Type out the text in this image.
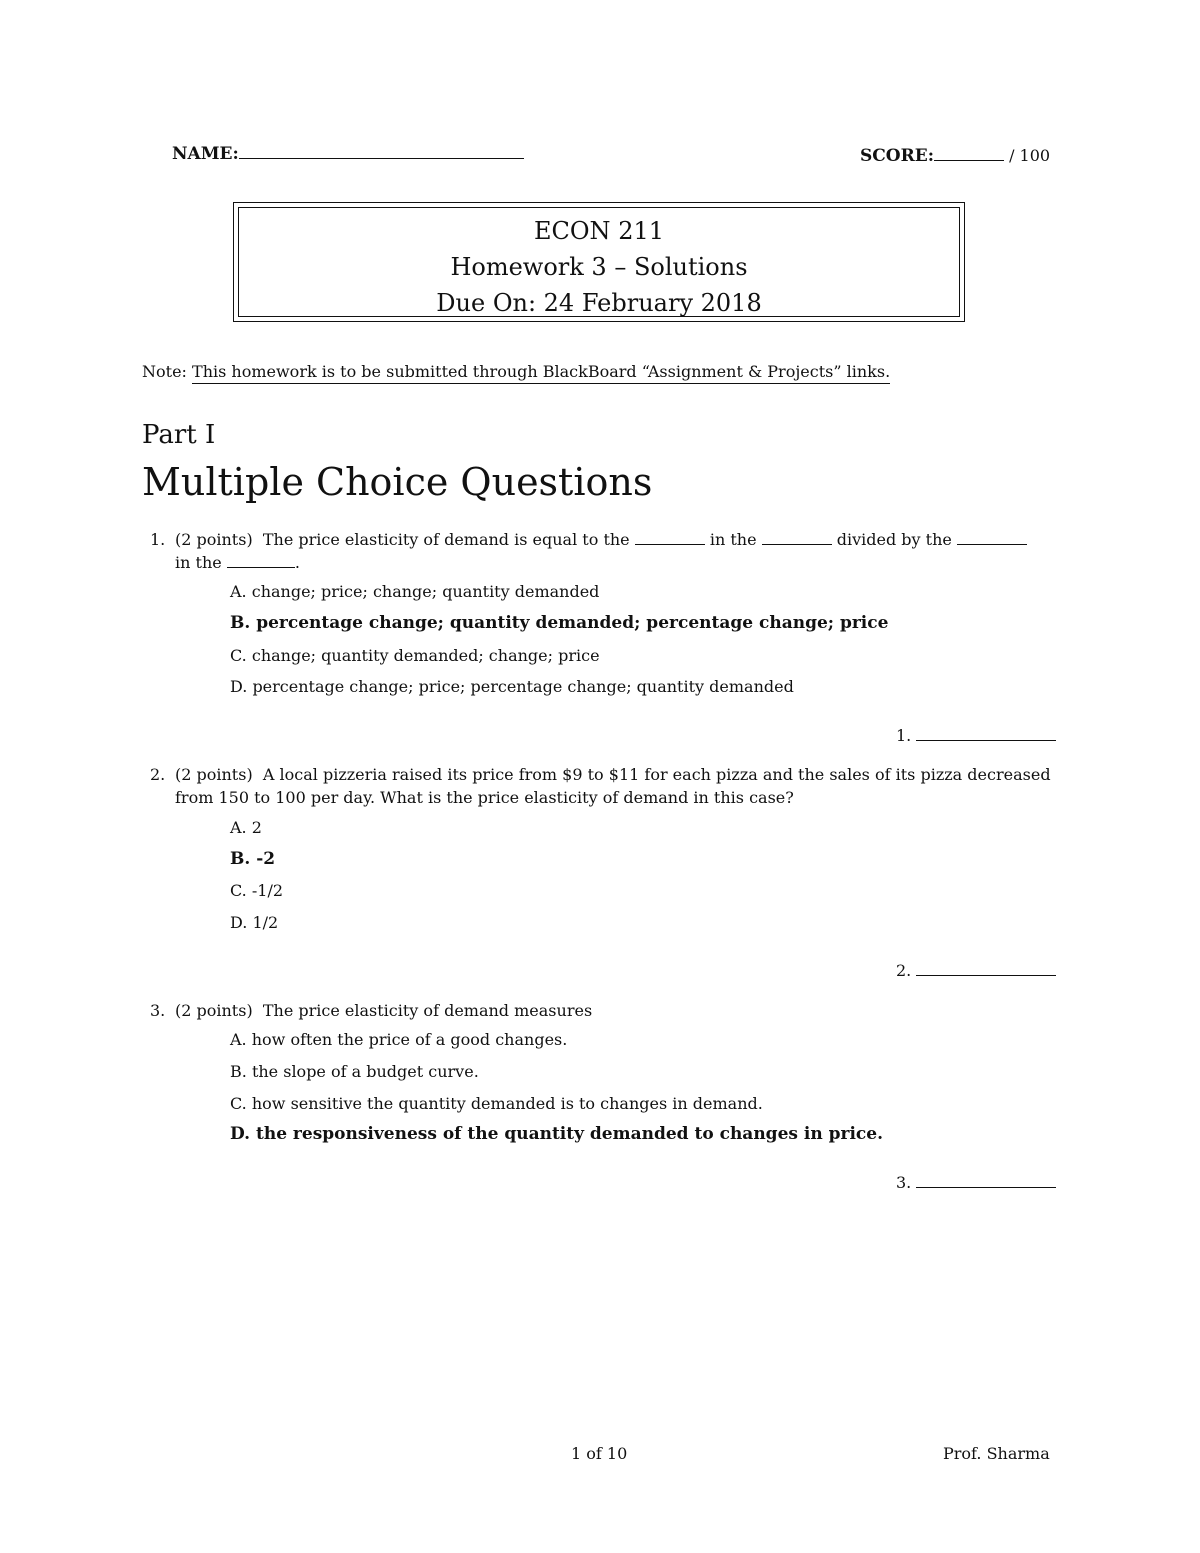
NAME:	SCORE:	/ 100
ECON 211
Homework 3 – Solutions
Due On: 24 February 2018
Note: This homework is to be submitted through BlackBoard “Assignment & Projects” links.
Part I
Multiple Choice Questions
1. (2 points) The price elasticity of demand is equal to the	in the	divided by the
in the	.
A. change; price; change; quantity demanded
B. percentage change; quantity demanded; percentage change; price
C. change; quantity demanded; change; price
D. percentage change; price; percentage change; quantity demanded
1.
2. (2 points) A local pizzeria raised its price from $9 to $11 for each pizza and the sales of its pizza decreased from 150 to 100 per day. What is the price elasticity of demand in this case?
A. 2
B. -2
C. -1/2
D. 1/2
2.
3. (2 points) The price elasticity of demand measures
A. how often the price of a good changes.
B. the slope of a budget curve.
C. how sensitive the quantity demanded is to changes in demand.
D. the responsiveness of the quantity demanded to changes in price.
3.
1 of 10	Prof. Sharma
